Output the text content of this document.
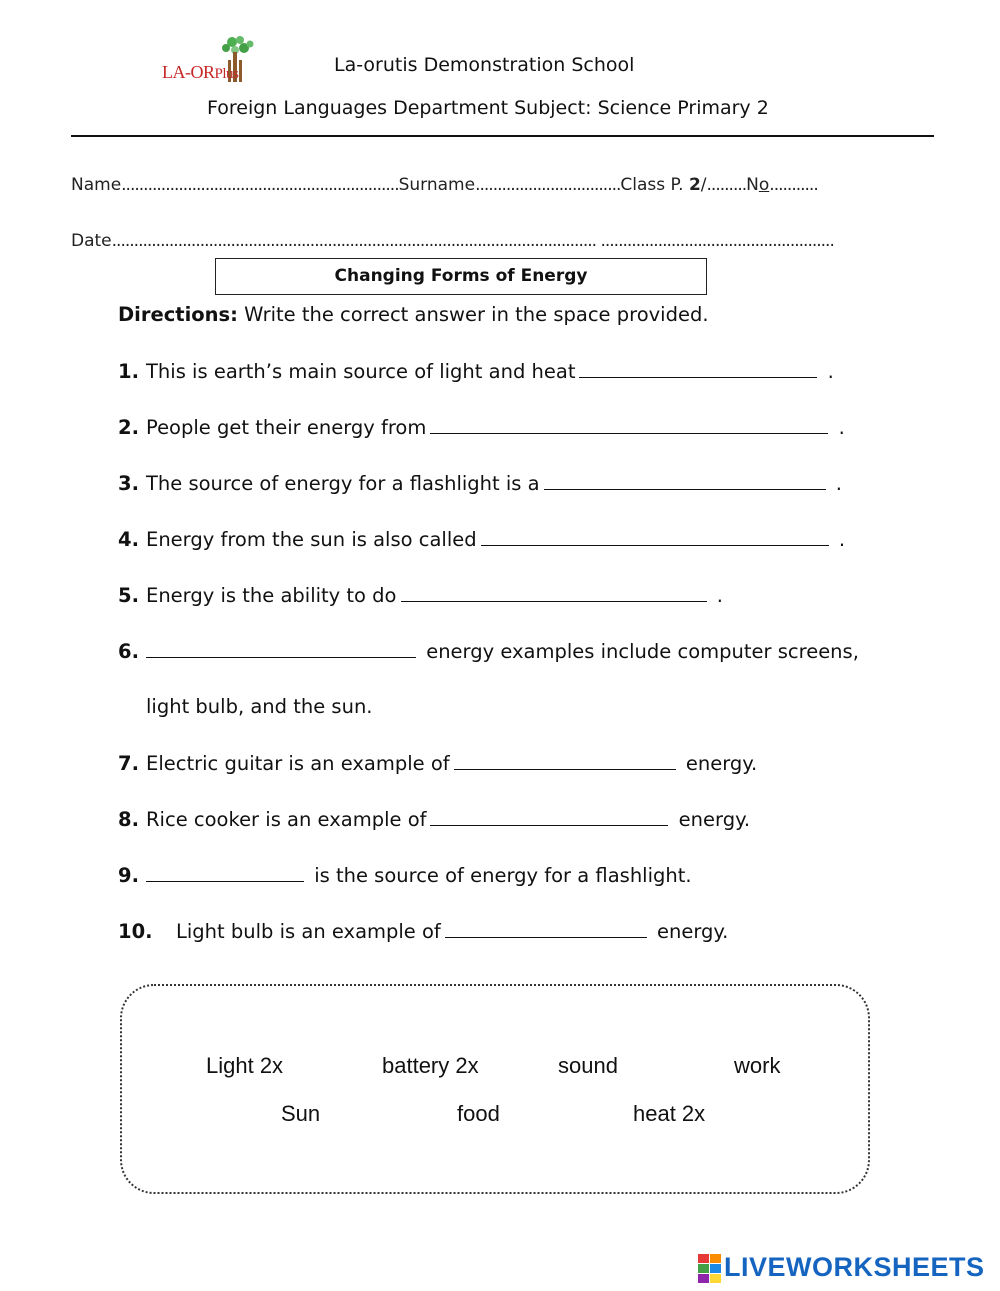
LA-ORPlus	La-orutis Demonstration School
Foreign Languages Department Subject: Science Primary 2
Name...............................................................Surname.................................Class P. 2/.........No...........
Date.............................................................................................................. .....................................................
Changing Forms of Energy
Directions: Write the correct answer in the space provided.
1. This is earth’s main source of light and heat	.
2. People get their energy from	.
3. The source of energy for a flashlight is a	.
4. Energy from the sun is also called	.
5. Energy is the ability to do	.
6.	energy examples include computer screens,
light bulb, and the sun.
7. Electric guitar is an example of	energy.
8. Rice cooker is an example of	energy.
9.	is the source of energy for a flashlight.
10. Light bulb is an example of	energy.
Light 2x	battery 2x	sound	work
Sun	food	heat 2x
LIVEWORKSHEETS
